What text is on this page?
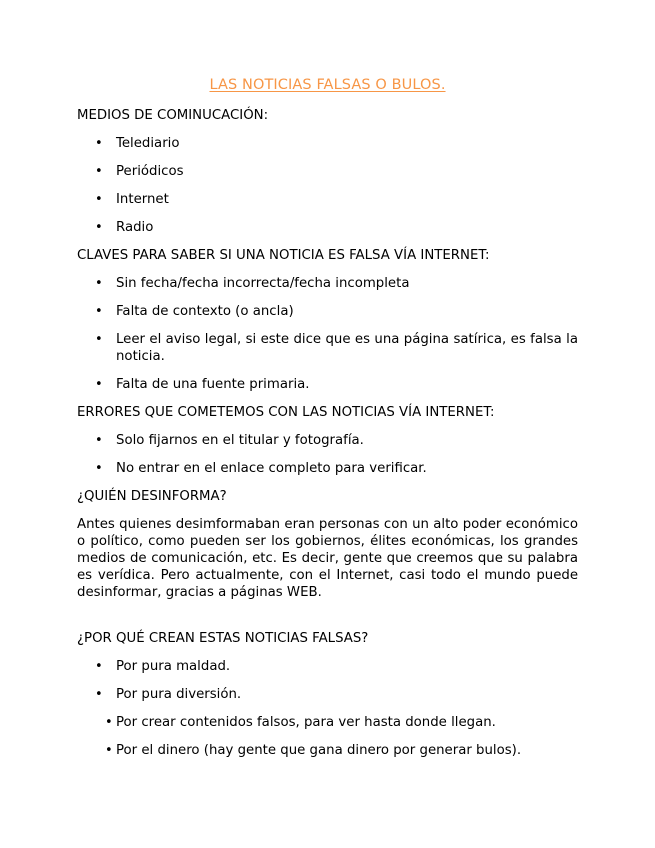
LAS NOTICIAS FALSAS O BULOS.
MEDIOS DE COMINUCACIÓN:
• Telediario
• Periódicos
• Internet
• Radio
CLAVES PARA SABER SI UNA NOTICIA ES FALSA VÍA INTERNET:
• Sin fecha/fecha incorrecta/fecha incompleta
• Falta de contexto (o ancla)
• Leer el aviso legal, si este dice que es una página satírica, es falsa la noticia.
• Falta de una fuente primaria.
ERRORES QUE COMETEMOS CON LAS NOTICIAS VÍA INTERNET:
• Solo fijarnos en el titular y fotografía.
• No entrar en el enlace completo para verificar.
¿QUIÉN DESINFORMA?
Antes quienes desimformaban eran personas con un alto poder económico o político, como pueden ser los gobiernos, élites económicas, los grandes medios de comunicación, etc. Es decir, gente que creemos que su palabra es verídica. Pero actualmente, con el Internet, casi todo el mundo puede desinformar, gracias a páginas WEB.
¿POR QUÉ CREAN ESTAS NOTICIAS FALSAS?
• Por pura maldad.
• Por pura diversión.
• Por crear contenidos falsos, para ver hasta donde llegan.
• Por el dinero (hay gente que gana dinero por generar bulos).
